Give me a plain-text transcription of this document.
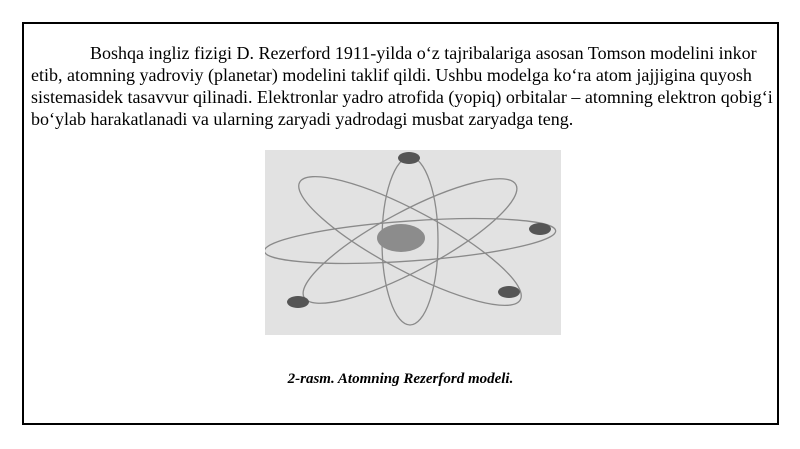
Boshqa ingliz fizigi D. Rezerford 1911-yilda o‘z tajribalariga asosan Tomson modelini inkor etib, atomning yadroviy (planetar) modelini taklif qildi. Ushbu modelga ko‘ra atom jajjigina quyosh sistemasidek tasavvur qilinadi. Elektronlar yadro atrofida (yopiq) orbitalar – atomning elektron qobig‘i bo‘ylab harakatlanadi va ularning zaryadi yadrodagi musbat zaryadga teng.

2-rasm. Atomning Rezerford modeli.
